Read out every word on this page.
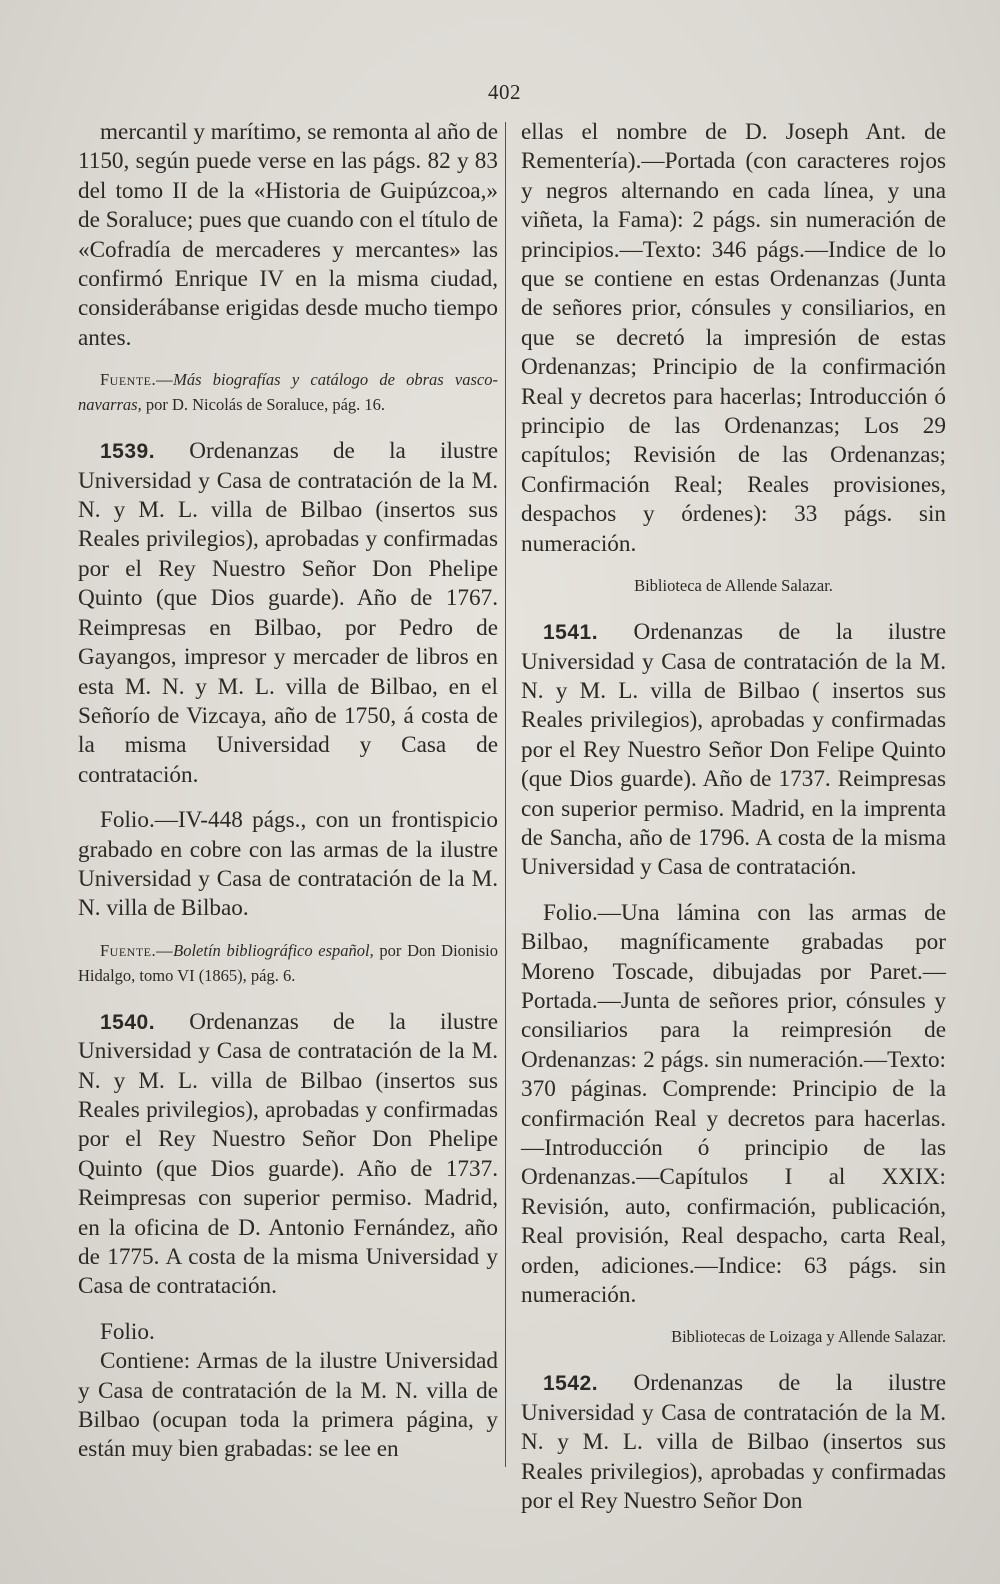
402

mercantil y marítimo, se remonta al año de 1150, según puede verse en las págs. 82 y 83 del tomo II de la «Historia de Guipúzcoa,» de Soraluce; pues que cuando con el título de «Cofradía de mercaderes y mercantes» las confirmó Enrique IV en la misma ciudad, considerábanse erigidas desde mucho tiempo antes.

Fuente.—Más biografías y catálogo de obras vasco-navarras, por D. Nicolás de Soraluce, pág. 16.

1539. Ordenanzas de la ilustre Universidad y Casa de contratación de la M. N. y M. L. villa de Bilbao (insertos sus Reales privilegios), aprobadas y confirmadas por el Rey Nuestro Señor Don Phelipe Quinto (que Dios guarde). Año de 1767. Reimpresas en Bilbao, por Pedro de Gayangos, impresor y mercader de libros en esta M. N. y M. L. villa de Bilbao, en el Señorío de Vizcaya, año de 1750, á costa de la misma Universidad y Casa de contratación.

Folio.—IV-448 págs., con un frontispicio grabado en cobre con las armas de la ilustre Universidad y Casa de contratación de la M. N. villa de Bilbao.

Fuente.—Boletín bibliográfico español, por Don Dionisio Hidalgo, tomo VI (1865), pág. 6.

1540. Ordenanzas de la ilustre Universidad y Casa de contratación de la M. N. y M. L. villa de Bilbao (insertos sus Reales privilegios), aprobadas y confirmadas por el Rey Nuestro Señor Don Phelipe Quinto (que Dios guarde). Año de 1737. Reimpresas con superior permiso. Madrid, en la oficina de D. Antonio Fernández, año de 1775. A costa de la misma Universidad y Casa de contratación.

Folio.

Contiene: Armas de la ilustre Universidad y Casa de contratación de la M. N. villa de Bilbao (ocupan toda la primera página, y están muy bien grabadas: se lee en

ellas el nombre de D. Joseph Ant. de Rementería).—Portada (con caracteres rojos y negros alternando en cada línea, y una viñeta, la Fama): 2 págs. sin numeración de principios.—Texto: 346 págs.—Indice de lo que se contiene en estas Ordenanzas (Junta de señores prior, cónsules y consiliarios, en que se decretó la impresión de estas Ordenanzas; Principio de la confirmación Real y decretos para hacerlas; Introducción ó principio de las Ordenanzas; Los 29 capítulos; Revisión de las Ordenanzas; Confirmación Real; Reales provisiones, despachos y órdenes): 33 págs. sin numeración.

Biblioteca de Allende Salazar.

1541. Ordenanzas de la ilustre Universidad y Casa de contratación de la M. N. y M. L. villa de Bilbao ( insertos sus Reales privilegios), aprobadas y confirmadas por el Rey Nuestro Señor Don Felipe Quinto (que Dios guarde). Año de 1737. Reimpresas con superior permiso. Madrid, en la imprenta de Sancha, año de 1796. A costa de la misma Universidad y Casa de contratación.

Folio.—Una lámina con las armas de Bilbao, magníficamente grabadas por Moreno Toscade, dibujadas por Paret.—Portada.—Junta de señores prior, cónsules y consiliarios para la reimpresión de Ordenanzas: 2 págs. sin numeración.—Texto: 370 páginas. Comprende: Principio de la confirmación Real y decretos para hacerlas.—Introducción ó principio de las Ordenanzas.—Capítulos I al XXIX: Revisión, auto, confirmación, publicación, Real provisión, Real despacho, carta Real, orden, adiciones.—Indice: 63 págs. sin numeración.

Bibliotecas de Loizaga y Allende Salazar.

1542. Ordenanzas de la ilustre Universidad y Casa de contratación de la M. N. y M. L. villa de Bilbao (insertos sus Reales privilegios), aprobadas y confirmadas por el Rey Nuestro Señor Don
